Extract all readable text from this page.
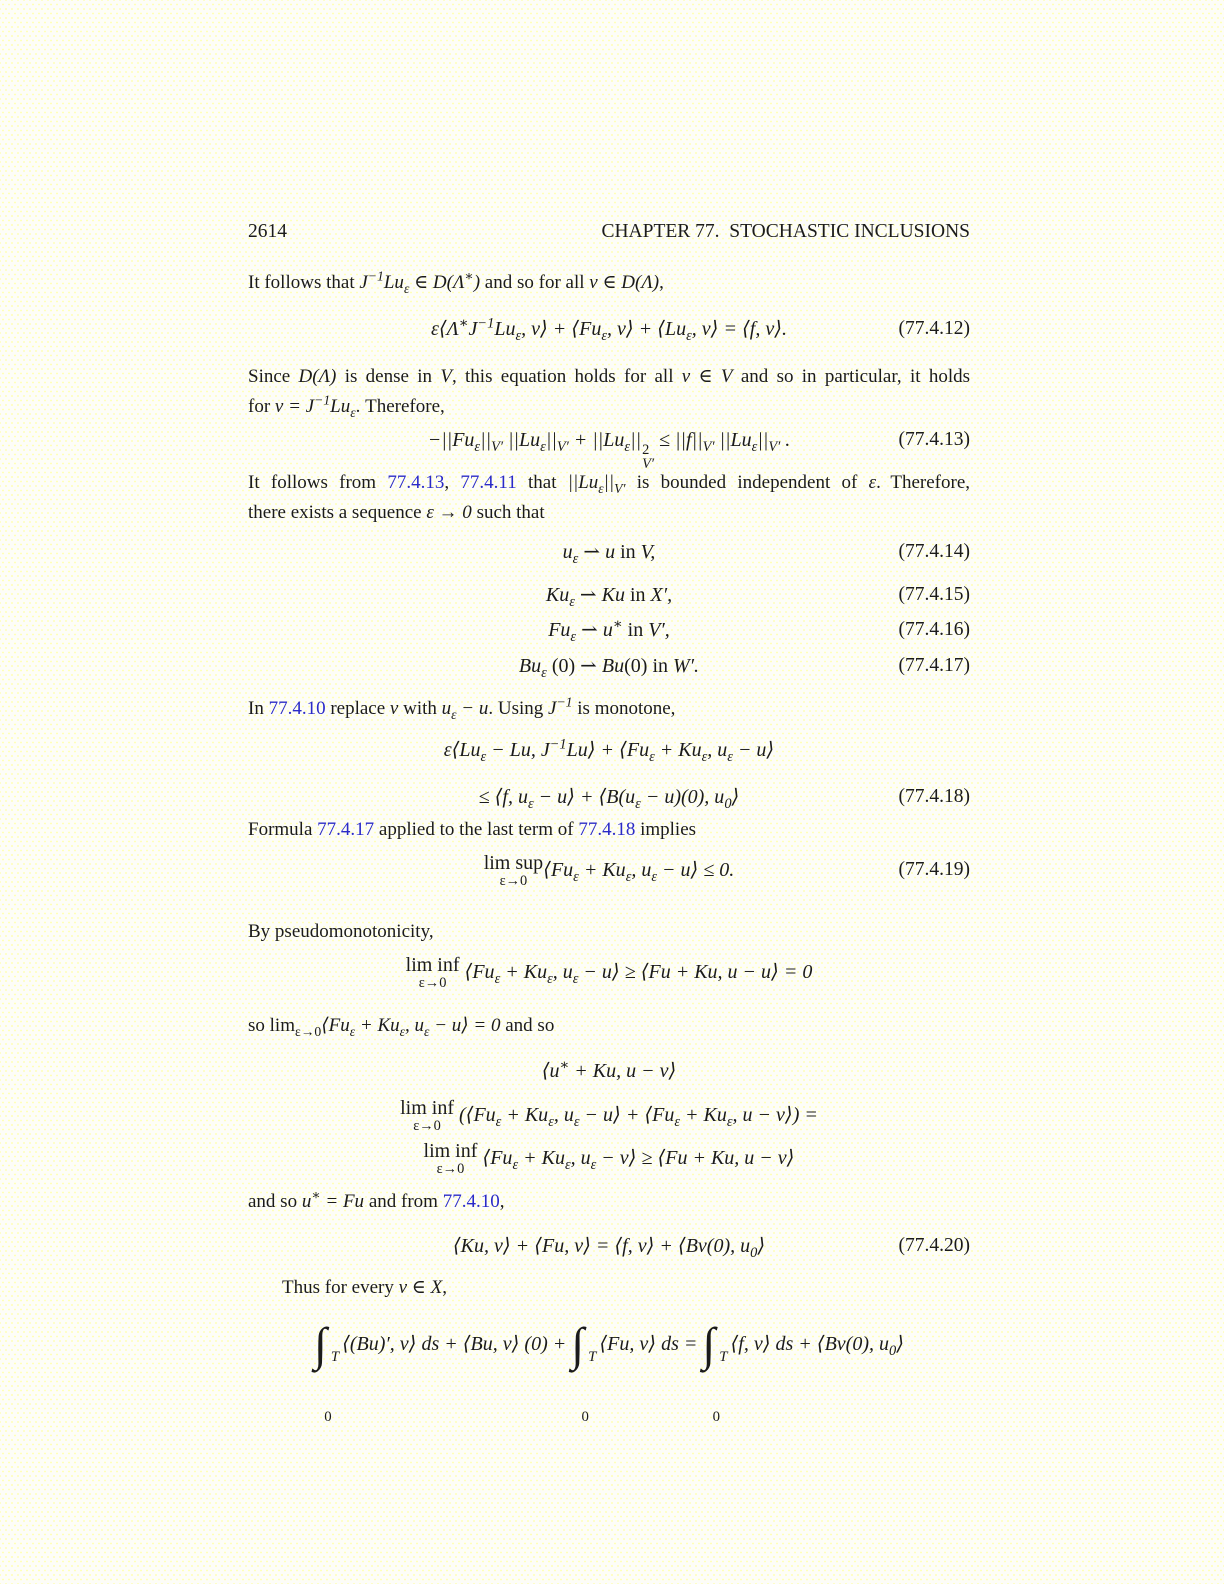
2614	CHAPTER 77. STOCHASTIC INCLUSIONS
It follows that $J^{-1}Lu_\varepsilon$ ∈ D(Λ∗) and so for all v ∈ D(Λ),
$\varepsilon⟨\Lambda^∗J^{-1}Lu_\varepsilon$, v⟩ + $⟨Fu_\varepsilon$, v⟩ + $⟨Lu_\varepsilon$, v⟩ = ⟨f, v⟩.	(77.4.12)
Since D(Λ) is dense in V, this equation holds for all v ∈ V and so in particular, it holds
for $v = J^{-1}Lu_\varepsilon$. Therefore,
$-||Fu_\varepsilon||_{V'}$ $||Lu_\varepsilon||_{V'} + ||Lu_\varepsilon||$ 2
V′
≤ $||f||_{V'}$ $||Lu_\varepsilon||_{V'}$ .	(77.4.13)
It follows from 77.4.13, 77.4.11 that $||Lu_\varepsilon||_{V'}$ is bounded independent of ε. Therefore,
there exists a sequence ε → 0 such that
$u_\varepsilon$ ⇀ u in V,	(77.4.14)
$Ku_\varepsilon$ ⇀ Ku in X′,	(77.4.15)
$Fu_\varepsilon$ ⇀ u∗ in V′,	(77.4.16)
$Bu_\varepsilon$ (0) ⇀ Bu(0) in W′.	(77.4.17)
In 77.4.10 replace v with $u_\varepsilon - u$. Using $J^{-1}$ is monotone,
$\varepsilon⟨Lu_\varepsilon - Lu$, $J^{-1}Lu⟩$ + $⟨Fu_\varepsilon + Ku_\varepsilon$, $u_\varepsilon$ − u⟩
≤ ⟨f, $u_\varepsilon$ − u⟩ + $⟨B(u_\varepsilon - u)(0)$, $u_0⟩$	(77.4.18)
Formula 77.4.17 applied to the last term of 77.4.18 implies
lim sup
ε→0
$⟨Fu_\varepsilon + Ku_\varepsilon$, $u_\varepsilon$ − u⟩ ≤ 0.	(77.4.19)
By pseudomonotonicity,
lim inf
ε→0
$⟨Fu_\varepsilon + Ku_\varepsilon$, $u_\varepsilon$ − u⟩ ≥ ⟨Fu + Ku, u − u⟩ = 0
so $\lim_{\varepsilon\to 0}⟨Fu_\varepsilon + Ku_\varepsilon$, $u_\varepsilon$ − u⟩ = 0 and so
⟨u∗ + Ku, u − v⟩
lim inf
ε→0
($⟨Fu_\varepsilon + Ku_\varepsilon$, $u_\varepsilon$ − u⟩ + $⟨Fu_\varepsilon + Ku_\varepsilon$, u − v⟩) =
lim inf
ε→0
$⟨Fu_\varepsilon + Ku_\varepsilon$, $u_\varepsilon$ − v⟩ ≥ ⟨Fu + Ku, u − v⟩
and so u∗ = Fu and from 77.4.10,
⟨Ku, v⟩ + ⟨Fu, v⟩ = ⟨f, v⟩ + ⟨Bv(0), $u_0⟩$	(77.4.20)
Thus for every v ∈ X,
∫ T
0
⟨(Bu)′, v⟩ ds + ⟨Bu, v⟩ (0) + ∫ T
0
⟨Fu, v⟩ ds = ∫ T
0
⟨f, v⟩ ds + ⟨Bv(0), $u_0⟩$
